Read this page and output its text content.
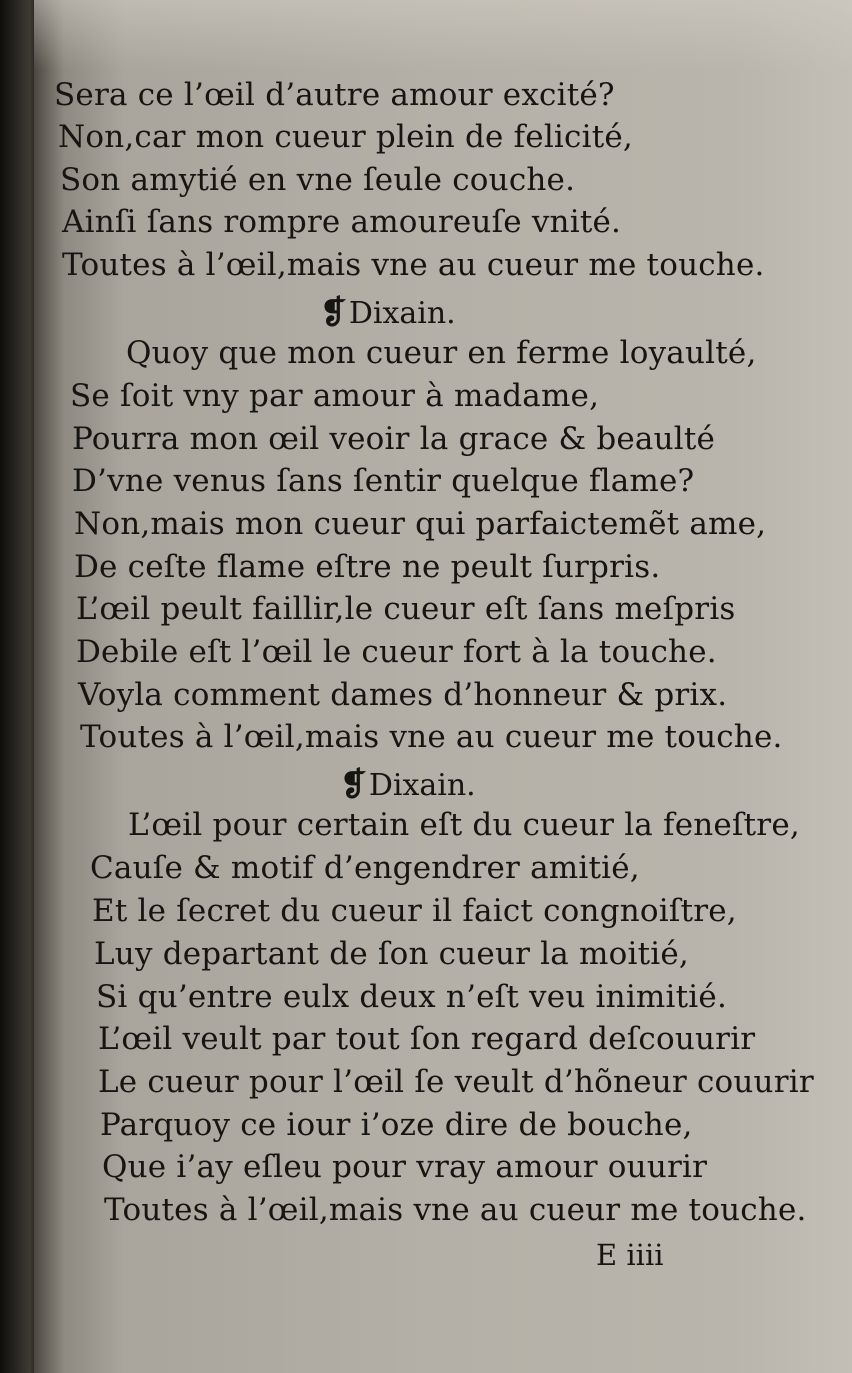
Sera ce l’œil d’autre amour excité?
Non,car mon cueur plein de felicité,
Son amytié en vne ſeule couche.
Ainſi ſans rompre amoureuſe vnité.
Toutes à l’œil,mais vne au cueur me touche.
❡Dixain.
Quoy que mon cueur en ferme loyaulté,
Se ſoit vny par amour à madame,
Pourra mon œil veoir la grace & beaulté
D’vne venus ſans ſentir quelque flame?
Non,mais mon cueur qui parfaictemẽt ame,
De ceſte flame eſtre ne peult ſurpris.
L’œil peult faillir,le cueur eſt ſans meſpris
Debile eſt l’œil le cueur fort à la touche.
Voyla comment dames d’honneur & prix.
Toutes à l’œil,mais vne au cueur me touche.
❡Dixain.
L’œil pour certain eſt du cueur la feneſtre,
Cauſe & motif d’engendrer amitié,
Et le ſecret du cueur il faict congnoiſtre,
Luy departant de ſon cueur la moitié,
Si qu’entre eulx deux n’eſt veu inimitié.
L’œil veult par tout ſon regard deſcouurir
Le cueur pour l’œil ſe veult d’hõneur couurir
Parquoy ce iour i’oze dire de bouche,
Que i’ay eſleu pour vray amour ouurir
Toutes à l’œil,mais vne au cueur me touche.
E iiii
